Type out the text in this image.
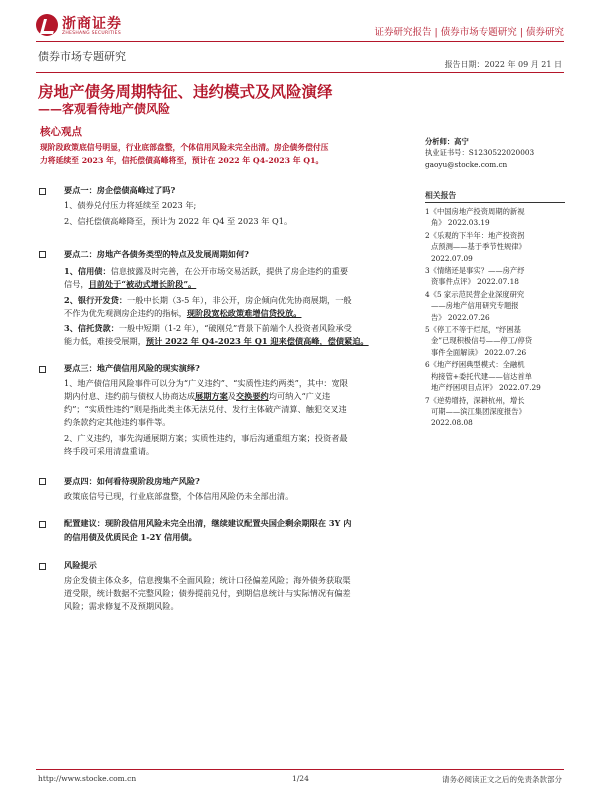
浙商证券
ZHESHANG SECURITIES	证券研究报告 | 债券市场专题研究 | 债券研究
债券市场专题研究
报告日期：2022 年 09 月 21 日
房地产债务周期特征、违约模式及风险演绎
——客观看待地产债风险
核心观点
现阶段政策底信号明显，行业底部盘整，个体信用风险未完全出清。房企债务偿付压
力将延续至 2023 年，信托偿债高峰将至，预计在 2022 年 Q4-2023 年 Q1。
要点一：房企偿债高峰过了吗?
1、债券兑付压力将延续至 2023 年;
2、信托偿债高峰降至，预计为 2022 年 Q4 至 2023 年 Q1。
要点二：房地产各债务类型的特点及发展周期如何?
1、信用债：信息披露及时完善，在公开市场交易活跃，提供了房企违约的重要
信号，目前处于“被动式增长阶段”。
2、银行开发贷：一般中长期（3-5 年），非公开，房企倾向优先协商展期，一般
不作为优先观测房企违约的指标，现阶段宽松政策难增信贷投放。
3、信托贷款：一般中短期（1-2 年），“破刚兑”背景下前端个人投资者风险承受
能力低，难接受展期，预计 2022 年 Q4-2023 年 Q1 迎来偿债高峰，偿债紧迫。
要点三：地产债信用风险的现实演绎?
1、地产债信用风险事件可以分为“广义违约”、“实质性违约两类”，其中：宽限
期内付息、违约前与债权人协商达成展期方案及交换要约均可纳入“广义违
约”；“实质性违约”则是指此类主体无法兑付、发行主体破产清算、触犯交叉违
约条款约定其他违约事件等。
2、广义违约，事先沟通展期方案；实质性违约，事后沟通重组方案；投资者最
终手段可采用清盘重请。
要点四：如何看待现阶段房地产风险?
政策底信号已现，行业底部盘整，个体信用风险仍未全部出清。
配置建议：现阶段信用风险未完全出清，继续建议配置央国企剩余期限在 3Y 内
的信用债及优质民企 1-2Y 信用债。
风险提示
房企发债主体众多，信息搜集不全面风险；统计口径偏差风险；海外债务获取渠
道受限，统计数据不完整风险；债券提前兑付，到期信息统计与实际情况有偏差
风险；需求修复不及预期风险。
分析师：高宁
执业证书号：S1230522020003
gaoyu@stocke.com.cn
相关报告
1《中国房地产投资周期的新视
角》 2022.03.19
2《乐观的下半年：地产投资拐
点预测——基于季节性规律》
2022.07.09
3《情绪还是事实？——房产纾
资事件点评》 2022.07.18
4《5 家示范民营企业深度研究
——房地产信用研究专题报
告》 2022.07.26
5《停工不等于烂尾，“纾困基
金”已现积极信号——停工/停贷
事件全面解读》 2022.07.26
6《地产纾困典型模式：全融机
构接管+委托代建——信达首单
地产纾困项目点评》 2022.07.29
7《逆势增持，深耕杭州，增长
可期——滨江集团深度报告》
2022.08.08
http://www.stocke.com.cn	1/24	请务必阅读正文之后的免责条款部分
